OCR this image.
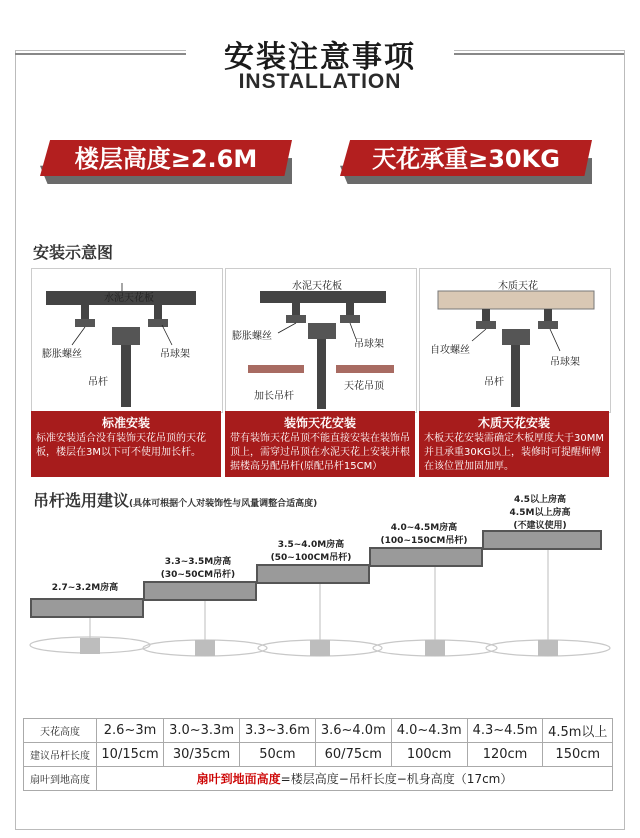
安装注意事项
INSTALLATION
楼层高度≥2.6M	天花承重≥30KG
安装示意图
水泥天花板
膨胀螺丝	吊球架
吊杆
标准安装
标准安装适合没有装饰天花吊顶的天花板，楼层在3M以下可不使用加长杆。
水泥天花板
膨胀螺丝
吊球架
加长吊杆
天花吊顶
装饰天花安装
带有装饰天花吊顶不能直接安装在装饰吊顶上，需穿过吊顶在水泥天花上安装并根据楼高另配吊杆(原配吊杆15CM）
木质天花
自攻螺丝
吊球架
吊杆
木质天花安装
木板天花安装需确定木板厚度大于30MM并且承重30KG以上，装修时可提醒师傅在该位置加固加厚。
吊杆选用建议(具体可根据个人对装饰性与风量调整合适高度)
2.7~3.2M房高
3.3~3.5M房高
(30~50CM吊杆)
3.5~4.0M房高
(50~100CM吊杆)
4.0~4.5M房高
(100~150CM吊杆)
4.5以上房高
4.5M以上房高
(不建议使用)
天花高度	2.6~3m	3.0~3.3m	3.3~3.6m	3.6~4.0m	4.0~4.3m	4.3~4.5m	4.5m以上
建议吊杆长度	10/15cm	30/35cm	50cm	60/75cm	100cm	120cm	150cm
扇叶到地高度	扇叶到地面高度=楼层高度−吊杆长度−机身高度（17cm）						
